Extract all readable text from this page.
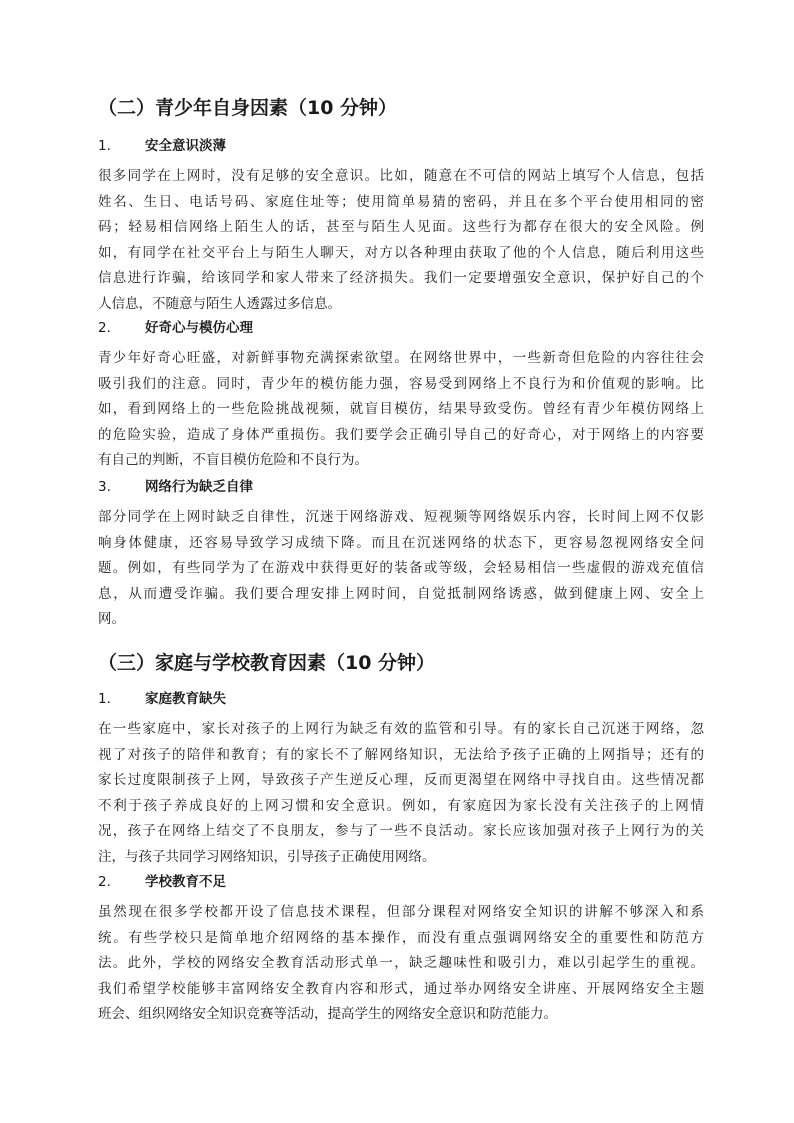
（二）青少年自身因素（10 分钟）
1.	安全意识淡薄
很多同学在上网时，没有足够的安全意识。比如，随意在不可信的网站上填写个人信息，包括
姓名、生日、电话号码、家庭住址等；使用简单易猜的密码，并且在多个平台使用相同的密
码；轻易相信网络上陌生人的话，甚至与陌生人见面。这些行为都存在很大的安全风险。例
如，有同学在社交平台上与陌生人聊天，对方以各种理由获取了他的个人信息，随后利用这些
信息进行诈骗，给该同学和家人带来了经济损失。我们一定要增强安全意识，保护好自己的个
人信息，不随意与陌生人透露过多信息。
2.	好奇心与模仿心理
青少年好奇心旺盛，对新鲜事物充满探索欲望。在网络世界中，一些新奇但危险的内容往往会
吸引我们的注意。同时，青少年的模仿能力强，容易受到网络上不良行为和价值观的影响。比
如，看到网络上的一些危险挑战视频，就盲目模仿，结果导致受伤。曾经有青少年模仿网络上
的危险实验，造成了身体严重损伤。我们要学会正确引导自己的好奇心，对于网络上的内容要
有自己的判断，不盲目模仿危险和不良行为。
3.	网络行为缺乏自律
部分同学在上网时缺乏自律性，沉迷于网络游戏、短视频等网络娱乐内容，长时间上网不仅影
响身体健康，还容易导致学习成绩下降。而且在沉迷网络的状态下，更容易忽视网络安全问
题。例如，有些同学为了在游戏中获得更好的装备或等级，会轻易相信一些虚假的游戏充值信
息，从而遭受诈骗。我们要合理安排上网时间，自觉抵制网络诱惑，做到健康上网、安全上
网。
（三）家庭与学校教育因素（10 分钟）
1.	家庭教育缺失
在一些家庭中，家长对孩子的上网行为缺乏有效的监管和引导。有的家长自己沉迷于网络，忽
视了对孩子的陪伴和教育；有的家长不了解网络知识，无法给予孩子正确的上网指导；还有的
家长过度限制孩子上网，导致孩子产生逆反心理，反而更渴望在网络中寻找自由。这些情况都
不利于孩子养成良好的上网习惯和安全意识。例如，有家庭因为家长没有关注孩子的上网情
况，孩子在网络上结交了不良朋友，参与了一些不良活动。家长应该加强对孩子上网行为的关
注，与孩子共同学习网络知识，引导孩子正确使用网络。
2.	学校教育不足
虽然现在很多学校都开设了信息技术课程，但部分课程对网络安全知识的讲解不够深入和系
统。有些学校只是简单地介绍网络的基本操作，而没有重点强调网络安全的重要性和防范方
法。此外，学校的网络安全教育活动形式单一，缺乏趣味性和吸引力，难以引起学生的重视。
我们希望学校能够丰富网络安全教育内容和形式，通过举办网络安全讲座、开展网络安全主题
班会、组织网络安全知识竞赛等活动，提高学生的网络安全意识和防范能力。
